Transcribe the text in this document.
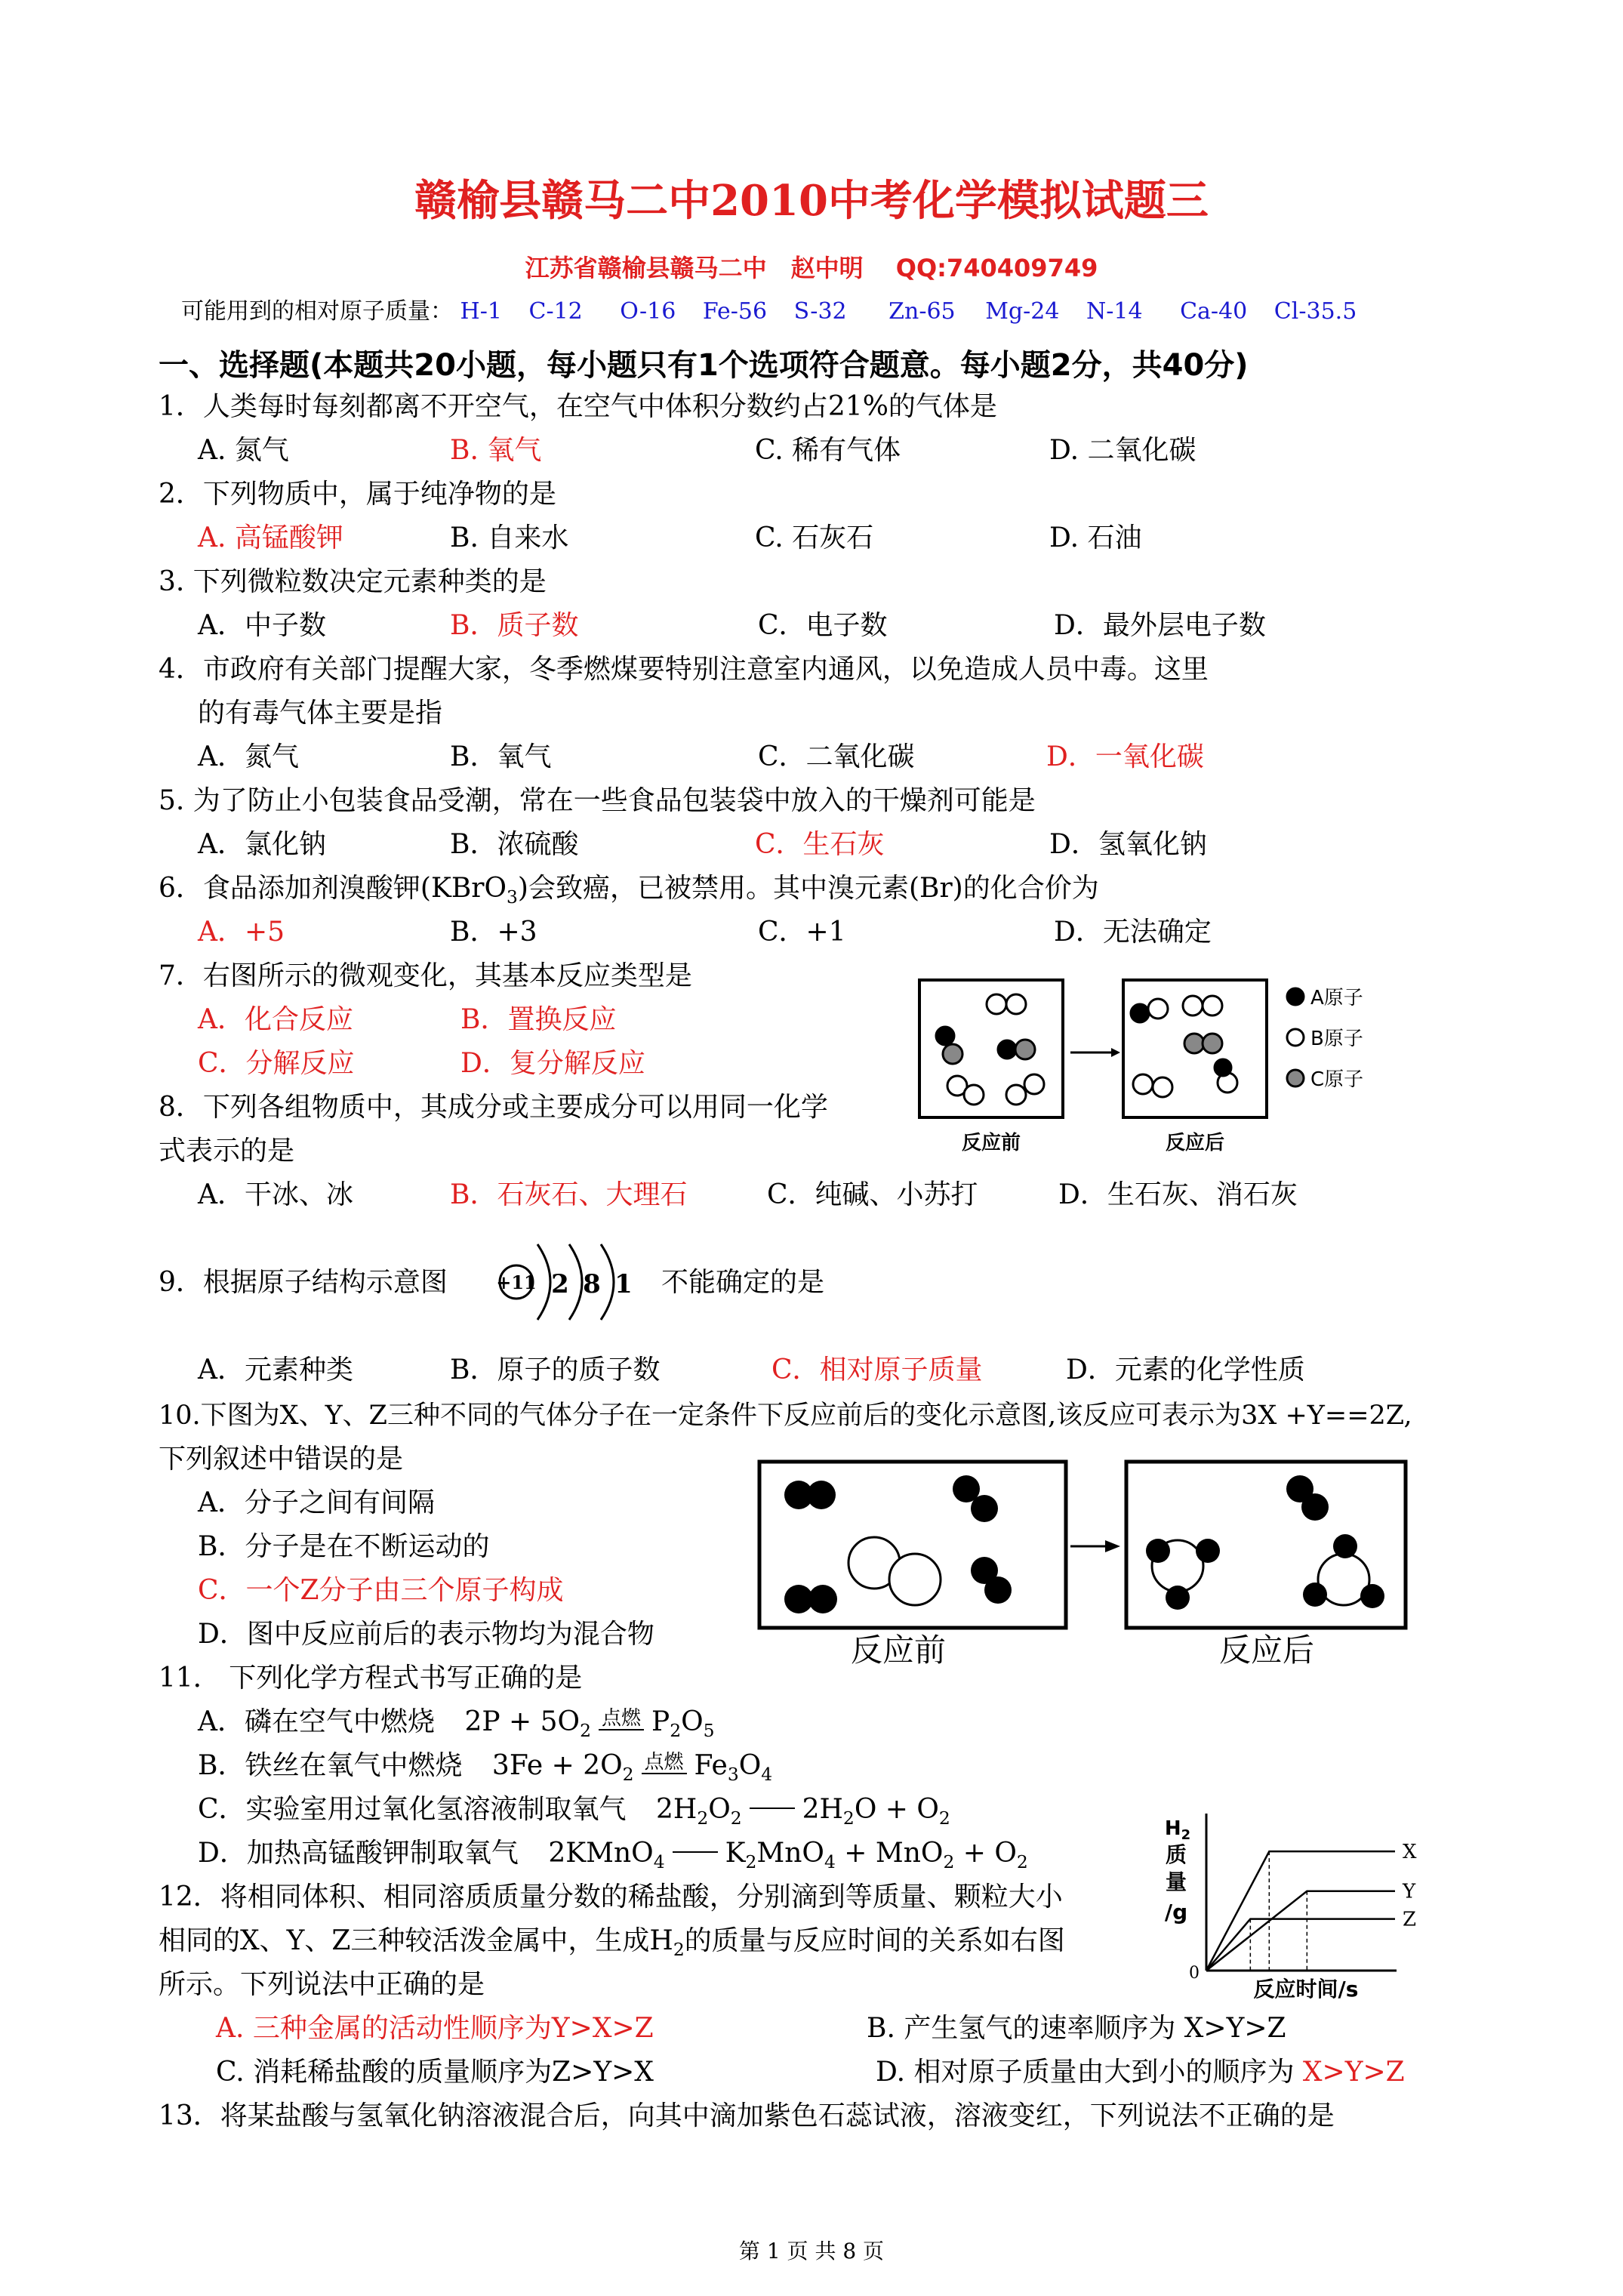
赣榆县赣马二中2010中考化学模拟试题三
江苏省赣榆县赣马二中　赵中明　 QQ:740409749
可能用到的相对原子质量： H-1 C-12 O-16 Fe-56 S-32 Zn-65 Mg-24 N-14 Ca-40 Cl-35.5
一、选择题(本题共20小题，每小题只有1个选项符合题意。每小题2分，共40分)
1．人类每时每刻都离不开空气，在空气中体积分数约占21%的气体是
A. 氮气	B. 氧气	C. 稀有气体	D. 二氧化碳
2．下列物质中，属于纯净物的是
A. 高锰酸钾	B. 自来水	C. 石灰石	D. 石油
3. 下列微粒数决定元素种类的是
A．中子数	B．质子数	C．电子数	D．最外层电子数
4．市政府有关部门提醒大家，冬季燃煤要特别注意室内通风，以免造成人员中毒。这里
的有毒气体主要是指
A．氮气	B．氧气	C．二氧化碳	D．一氧化碳
5. 为了防止小包装食品受潮，常在一些食品包装袋中放入的干燥剂可能是
A．氯化钠	B．浓硫酸	C．生石灰	D．氢氧化钠
6．食品添加剂溴酸钾(KBrO$_3$)会致癌，已被禁用。其中溴元素(Br)的化合价为
A．+5	B．+3	C．+1	D．无法确定
7．右图所示的微观变化，其基本反应类型是
A．化合反应	B．置换反应
C．分解反应	D．复分解反应
反应前	反应后
A原子
B原子
C原子
8．下列各组物质中，其成分或主要成分可以用同一化学
式表示的是
A．干冰、冰	B．石灰石、大理石	C．纯碱、小苏打	D．生石灰、消石灰
9．根据原子结构示意图	+11 2 8 1 不能确定的是
A．元素种类	B．原子的质子数	C．相对原子质量	D．元素的化学性质
10.下图为X、Y、Z三种不同的气体分子在一定条件下反应前后的变化示意图,该反应可表示为3X +Y==2Z,
下列叙述中错误的是
A．分子之间有间隔
B．分子是在不断运动的
C．一个Z分子由三个原子构成
D．图中反应前后的表示物均为混合物	反应前	反应后
11． 下列化学方程式书写正确的是
A．磷在空气中燃烧 $2P + 5O_2$
点燃 $P_2O_5$
B．铁丝在氧气中燃烧 $3Fe + 2O_2$
点燃 $Fe_3O_4$
C．实验室用过氧化氢溶液制取氧气 $2H_2O_2$ $2H_2O + O_2$
D．加热高锰酸钾制取氧气 2KMnO$_4$ $K_2MnO_4 + MnO_2 + O_2$
12．将相同体积、相同溶质质量分数的稀盐酸，分别滴到等质量、颗粒大小
相同的X、Y、Z三种较活泼金属中，生成$H_2$的质量与反应时间的关系如右图
所示。下列说法中正确的是
A. 三种金属的活动性顺序为Y>X>Z	B. 产生氢气的速率顺序为 X>Y>Z
C. 消耗稀盐酸的质量顺序为Z>Y>X	D. 相对原子质量由大到小的顺序为 X>Y>Z
$H_2$
质
量
/g
0
反应时间/s
X
Y
Z
13．将某盐酸与氢氧化钠溶液混合后，向其中滴加紫色石蕊试液，溶液变红，下列说法不正确的是
第 1 页 共 8 页
